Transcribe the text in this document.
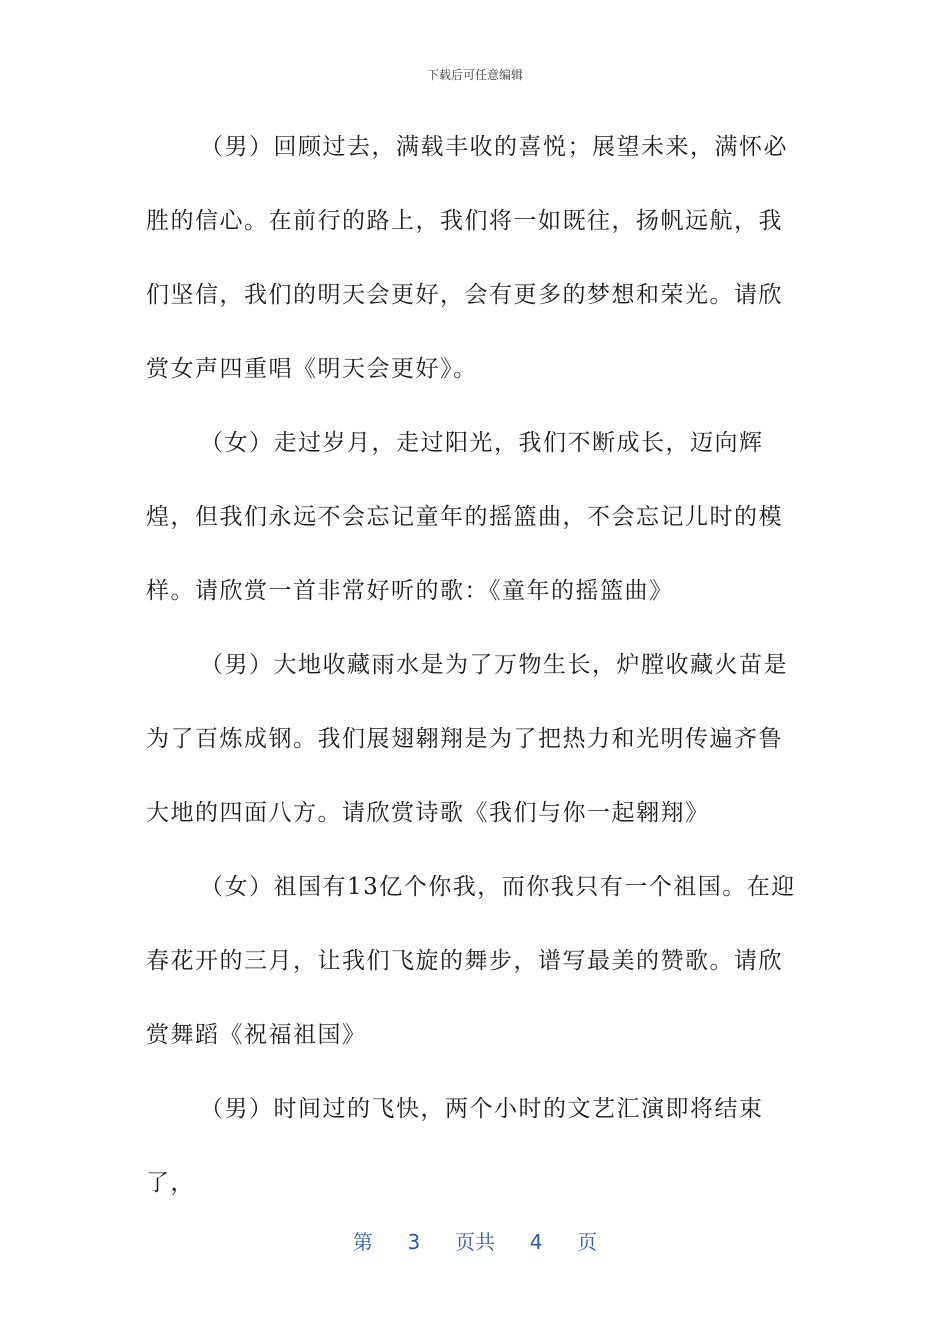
下载后可任意编辑

（男）回顾过去，满载丰收的喜悦；展望未来，满怀必胜的信心。在前行的路上，我们将一如既往，扬帆远航，我们坚信，我们的明天会更好，会有更多的梦想和荣光。请欣赏女声四重唱《明天会更好》。

（女）走过岁月，走过阳光，我们不断成长，迈向辉煌，但我们永远不会忘记童年的摇篮曲，不会忘记儿时的模样。请欣赏一首非常好听的歌：《童年的摇篮曲》

（男）大地收藏雨水是为了万物生长，炉膛收藏火苗是为了百炼成钢。我们展翅翱翔是为了把热力和光明传遍齐鲁大地的四面八方。请欣赏诗歌《我们与你一起翱翔》

（女）祖国有13亿个你我，而你我只有一个祖国。在迎春花开的三月，让我们飞旋的舞步，谱写最美的赞歌。请欣赏舞蹈《祝福祖国》

（男）时间过的飞快，两个小时的文艺汇演即将结束了，

第 3 页共 4 页
